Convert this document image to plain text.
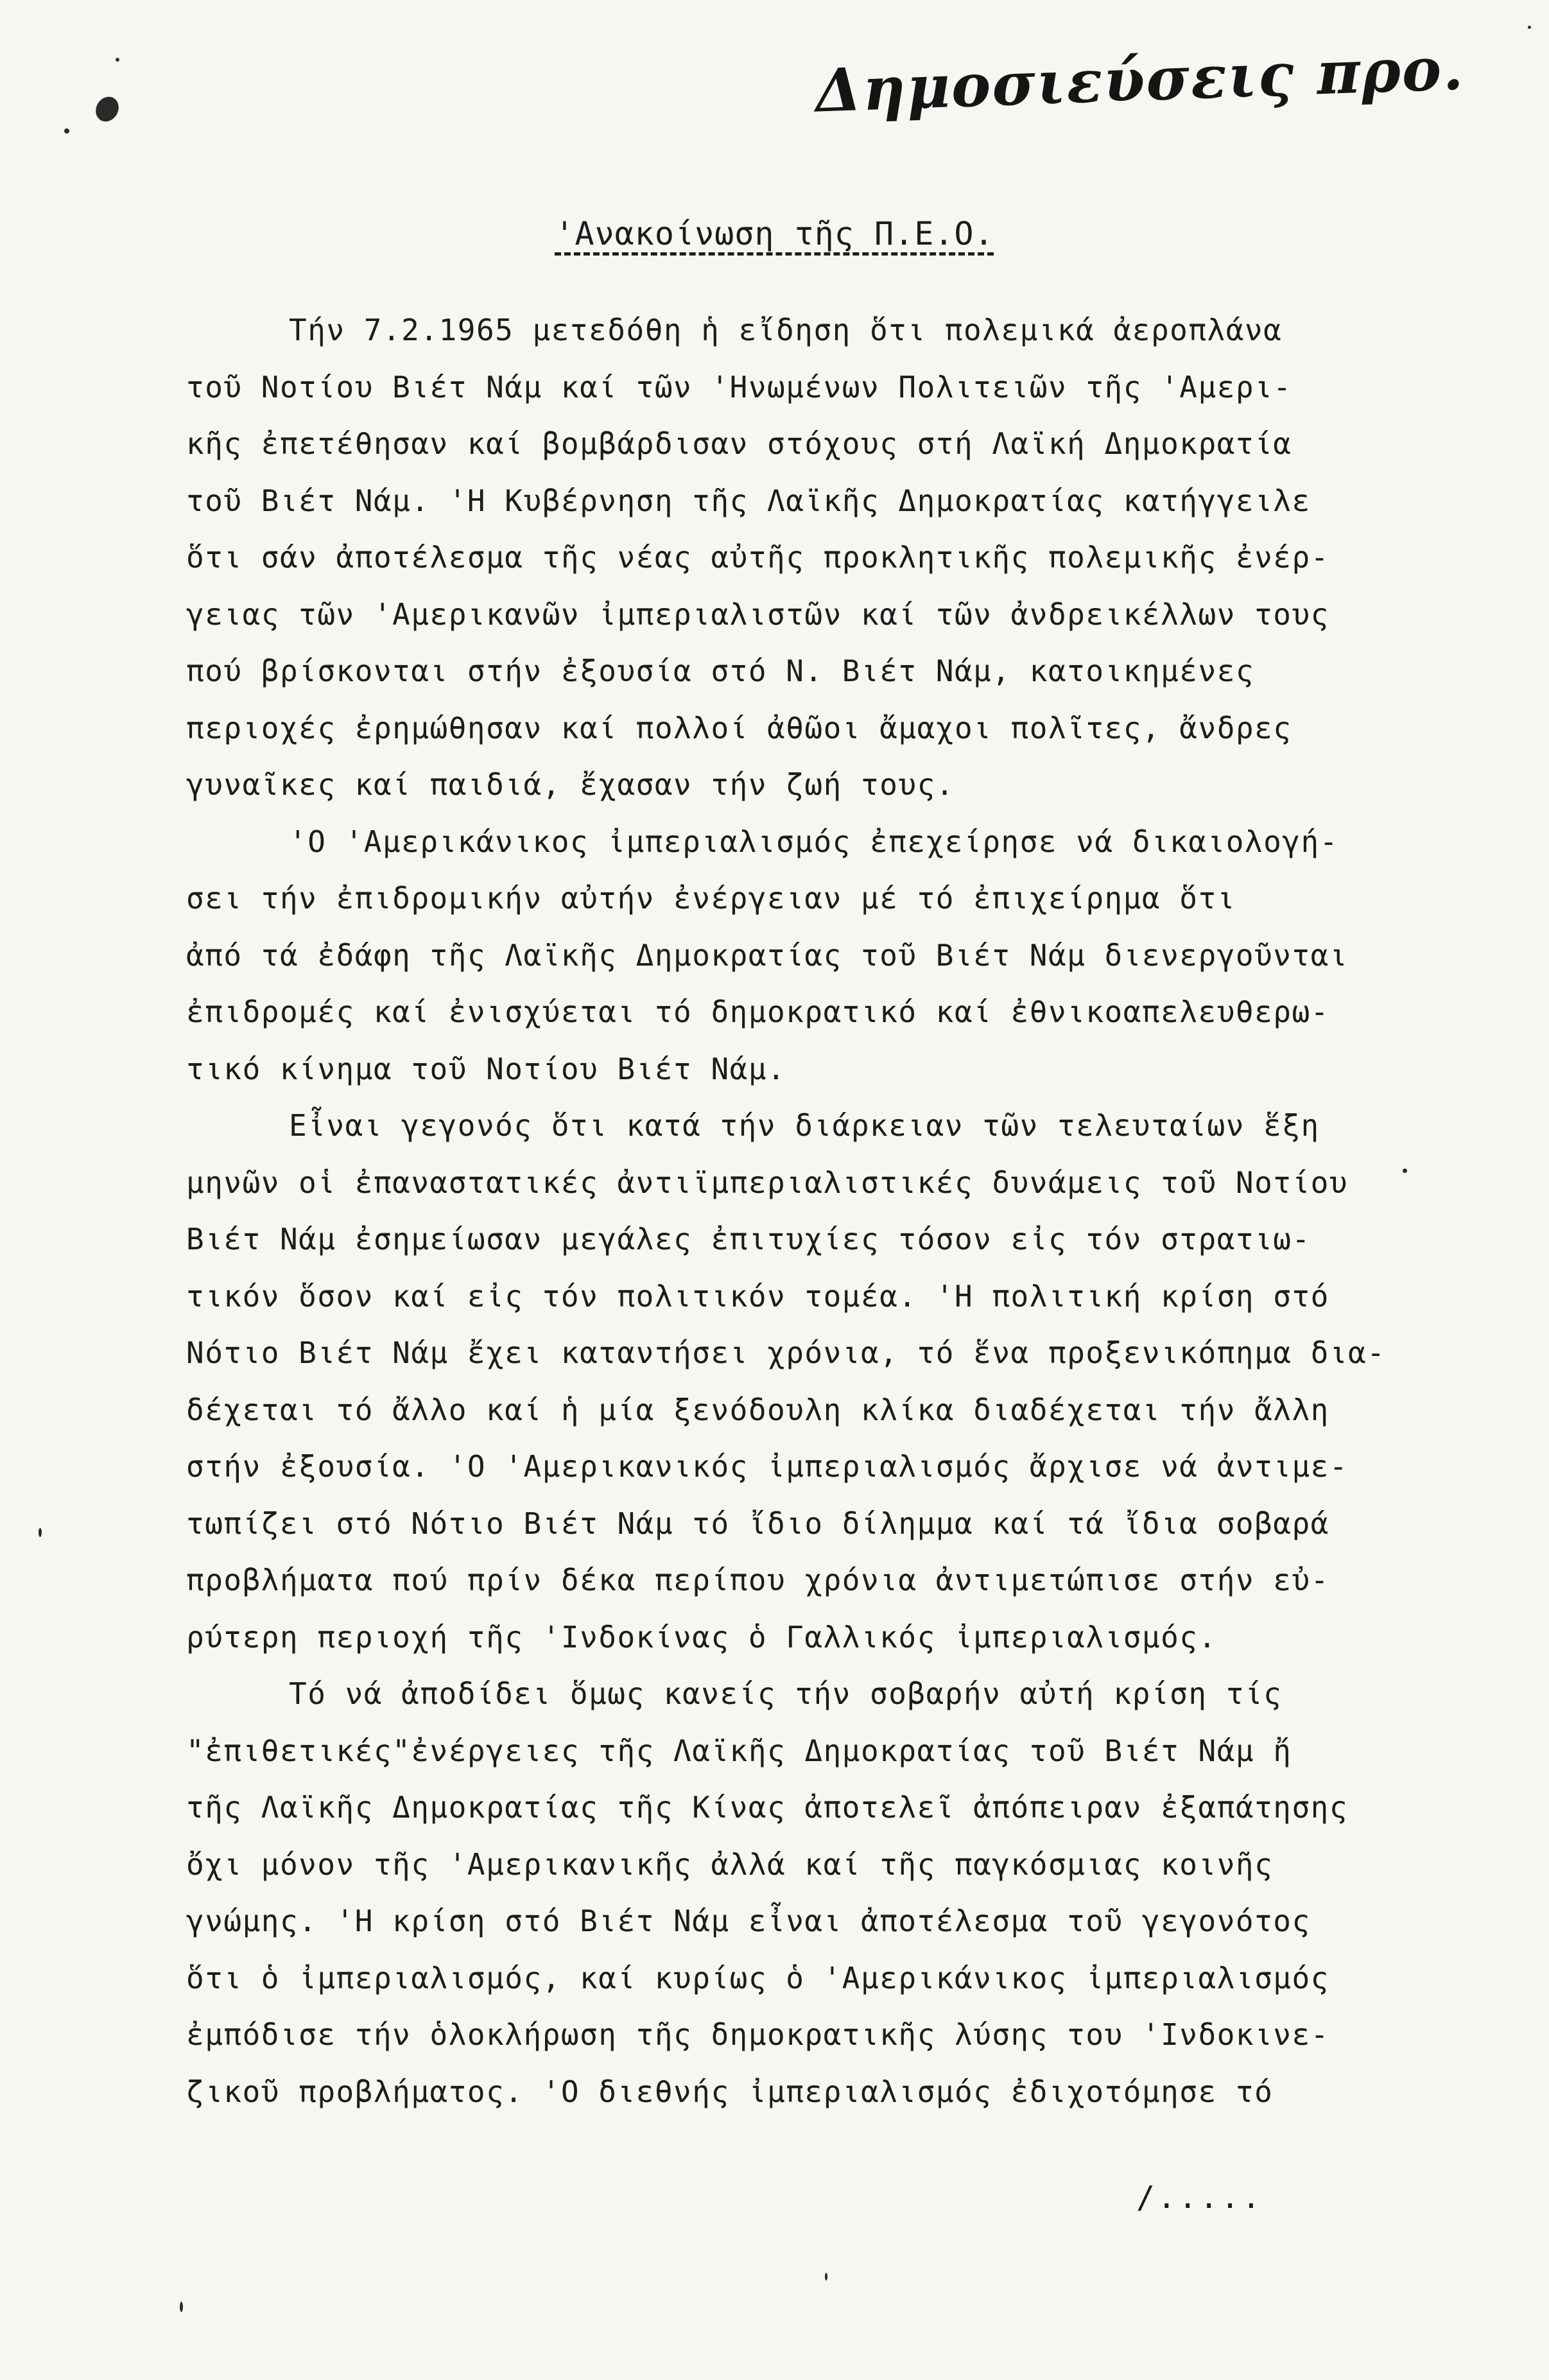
Δημοσιεύσεις προ.
'Ανακοίνωση τῆς Π.Ε.Ο.
Τήν 7.2.1965 μετεδόθη ἡ εἴδηση ὅτι πολεμικά ἀεροπλάνα
τοῦ Νοτίου Βιέτ Νάμ καί τῶν 'Ηνωμένων Πολιτειῶν τῆς 'Αμερι-
κῆς ἐπετέθησαν καί βομβάρδισαν στόχους στή Λαϊκή Δημοκρατία
τοῦ Βιέτ Νάμ. 'Η Κυβέρνηση τῆς Λαϊκῆς Δημοκρατίας κατήγγειλε
ὅτι σάν ἀποτέλεσμα τῆς νέας αὐτῆς προκλητικῆς πολεμικῆς ἐνέρ-
γειας τῶν 'Αμερικανῶν ἰμπεριαλιστῶν καί τῶν ἀνδρεικέλλων τους
πού βρίσκονται στήν ἐξουσία στό Ν. Βιέτ Νάμ, κατοικημένες
περιοχές ἐρημώθησαν καί πολλοί ἀθῶοι ἄμαχοι πολῖτες, ἄνδρες
γυναῖκες καί παιδιά, ἔχασαν τήν ζωή τους.
'Ο 'Αμερικάνικος ἰμπεριαλισμός ἐπεχείρησε νά δικαιολογή-
σει τήν ἐπιδρομικήν αὐτήν ἐνέργειαν μέ τό ἐπιχείρημα ὅτι
ἀπό τά ἐδάφη τῆς Λαϊκῆς Δημοκρατίας τοῦ Βιέτ Νάμ διενεργοῦνται
ἐπιδρομές καί ἐνισχύεται τό δημοκρατικό καί ἐθνικοαπελευθερω-
τικό κίνημα τοῦ Νοτίου Βιέτ Νάμ.
Εἶναι γεγονός ὅτι κατά τήν διάρκειαν τῶν τελευταίων ἕξη
μηνῶν οἱ ἐπαναστατικές ἀντιϊμπεριαλιστικές δυνάμεις τοῦ Νοτίου
Βιέτ Νάμ ἐσημείωσαν μεγάλες ἐπιτυχίες τόσον εἰς τόν στρατιω-
τικόν ὅσον καί εἰς τόν πολιτικόν τομέα. 'Η πολιτική κρίση στό
Νότιο Βιέτ Νάμ ἔχει καταντήσει χρόνια, τό ἕνα προξενικόπημα δια-
δέχεται τό ἄλλο καί ἡ μία ξενόδουλη κλίκα διαδέχεται τήν ἄλλη
στήν ἐξουσία. 'Ο 'Αμερικανικός ἰμπεριαλισμός ἄρχισε νά ἀντιμε-
τωπίζει στό Νότιο Βιέτ Νάμ τό ἴδιο δίλημμα καί τά ἴδια σοβαρά
προβλήματα πού πρίν δέκα περίπου χρόνια ἀντιμετώπισε στήν εὐ-
ρύτερη περιοχή τῆς 'Ινδοκίνας ὁ Γαλλικός ἰμπεριαλισμός.
Τό νά ἀποδίδει ὅμως κανείς τήν σοβαρήν αὐτή κρίση τίς
"ἐπιθετικές"ἐνέργειες τῆς Λαϊκῆς Δημοκρατίας τοῦ Βιέτ Νάμ ἤ
τῆς Λαϊκῆς Δημοκρατίας τῆς Κίνας ἀποτελεῖ ἀπόπειραν ἐξαπάτησης
ὄχι μόνον τῆς 'Αμερικανικῆς ἀλλά καί τῆς παγκόσμιας κοινῆς
γνώμης. 'Η κρίση στό Βιέτ Νάμ εἶναι ἀποτέλεσμα τοῦ γεγονότος
ὅτι ὁ ἰμπεριαλισμός, καί κυρίως ὁ 'Αμερικάνικος ἰμπεριαλισμός
ἐμπόδισε τήν ὁλοκλήρωση τῆς δημοκρατικῆς λύσης του 'Ινδοκινε-
ζικοῦ προβλήματος. 'Ο διεθνής ἰμπεριαλισμός ἐδιχοτόμησε τό
/.....
